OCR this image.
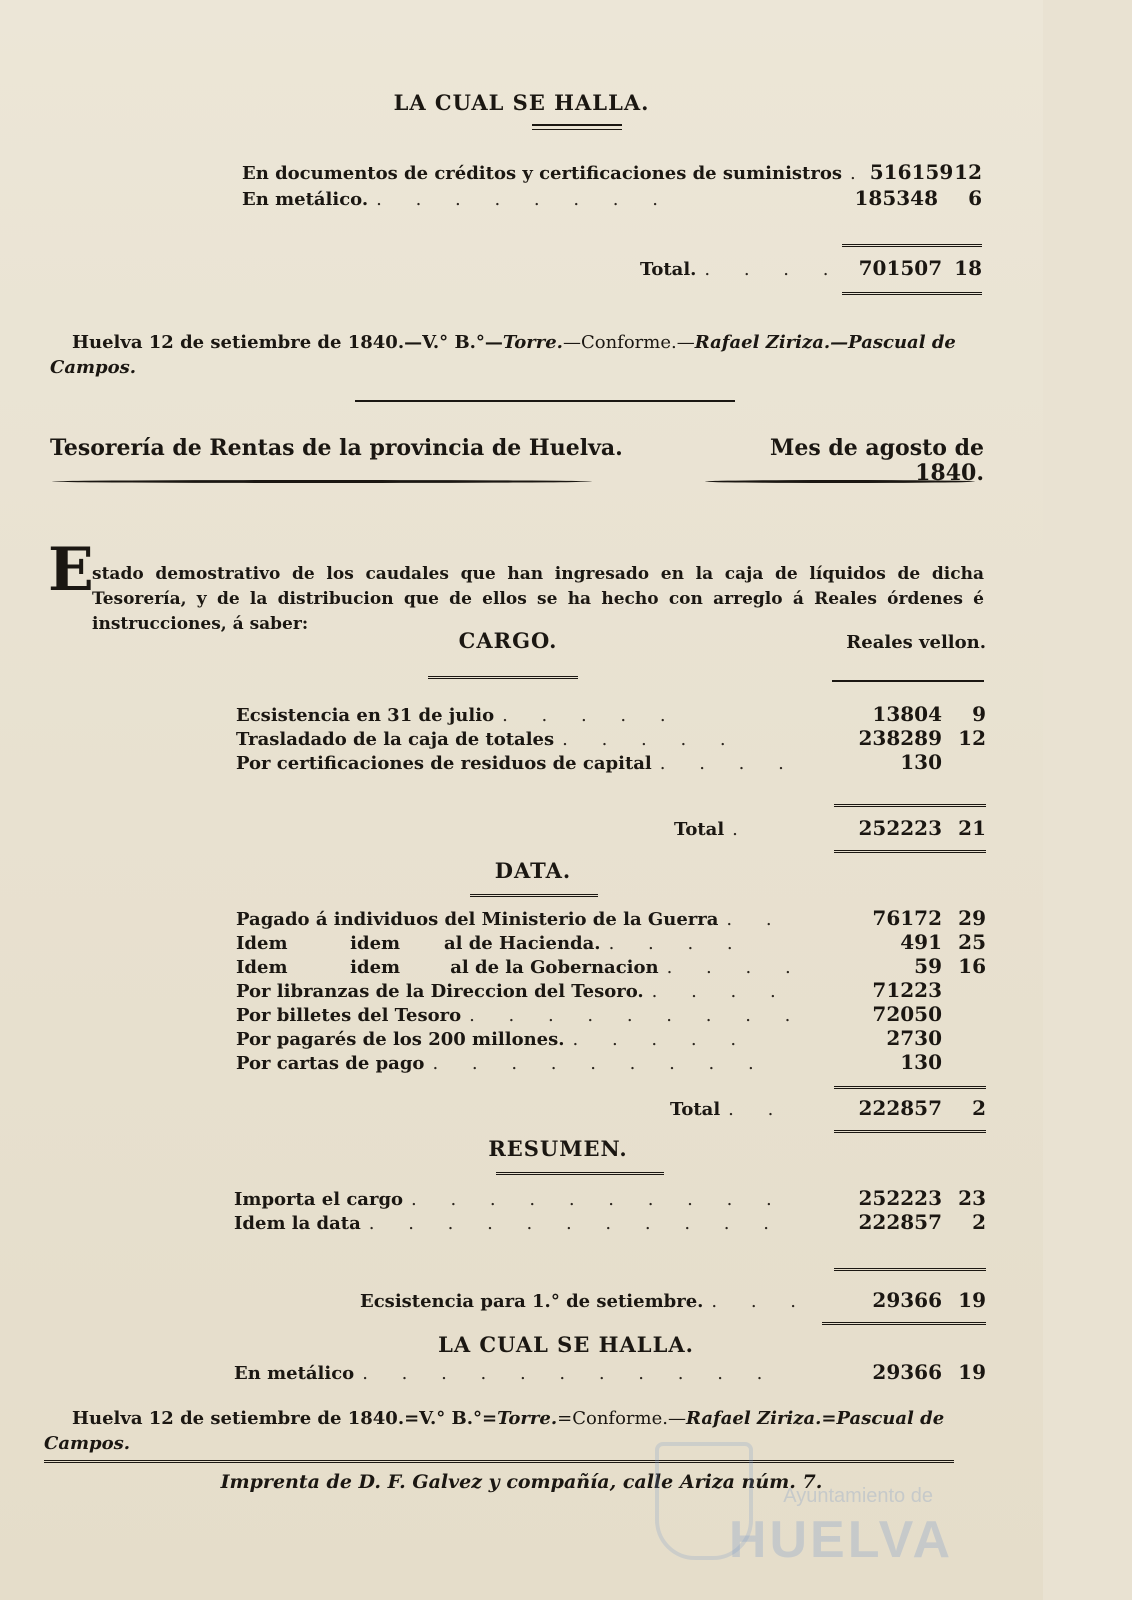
LA CUAL SE HALLA.
En documentos de créditos y certificaciones de suministros . 516159 12
En metálico. . . . . . . . .	185348	6
Total. . . . . 701507 18
Huelva 12 de setiembre de 1840.—V.° B.°—Torre.—Conforme.—Rafael Ziriza.—Pascual de Campos.
Tesorería de Rentas de la provincia de Huelva.	Mes de agosto de 1840.
E
stado demostrativo de los caudales que han ingresado en la caja de líquidos de dicha Tesorería, y de la distribucion que de ellos se ha hecho con arreglo á Reales órdenes é instrucciones, á saber:
CARGO.	Reales vellon.
Ecsistencia en 31 de julio . . . . .	13804	9
Trasladado de la caja de totales . . . . .	238289 12
Por certificaciones de residuos de capital . . . .	130
Total .	252223 21
DATA.
Pagado á individuos del Ministerio de la Guerra . .	76172 29
Idem          idem       al de Hacienda. . . . .	491 25
Idem          idem        al de la Gobernacion . . . .	59 16
Por libranzas de la Direccion del Tesoro. . . . .	71223
Por billetes del Tesoro . . . . . . . . .	72050
Por pagarés de los 200 millones. . . . . .	2730
Por cartas de pago . . . . . . . . .	130
Total . .	222857	2
RESUMEN.
Importa el cargo . . . . . . . . . .	252223 23
Idem la data . . . . . . . . . . .	222857	2
Ecsistencia para 1.° de setiembre. . . .	29366 19
LA CUAL SE HALLA.
En metálico . . . . . . . . . . .	29366 19
Huelva 12 de setiembre de 1840.=V.° B.°=Torre.=Conforme.—Rafael Ziriza.=Pascual de Campos.
Imprenta de D. F. Galvez y compañía, calle Ariza núm. 7.
Ayuntamiento de
HUELVA
